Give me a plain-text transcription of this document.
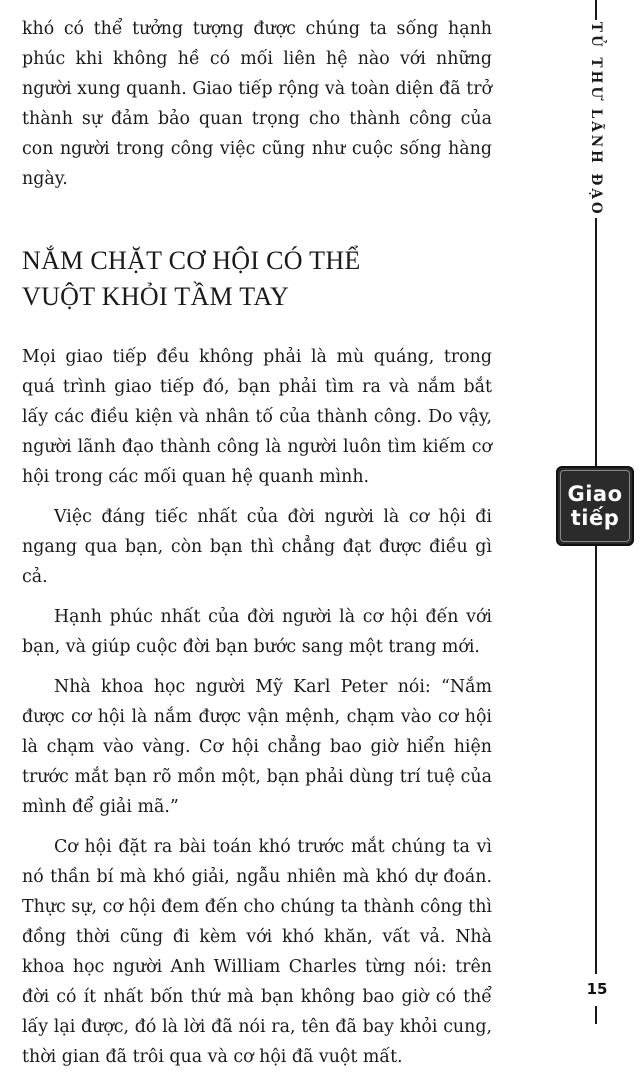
khó có thể tưởng tượng được chúng ta sống hạnh phúc khi không hề có mối liên hệ nào với những người xung quanh. Giao tiếp rộng và toàn diện đã trở thành sự đảm bảo quan trọng cho thành công của con người trong công việc cũng như cuộc sống hàng ngày.

NẮM CHẶT CƠ HỘI CÓ THỂ
VUỘT KHỎI TẦM TAY

Mọi giao tiếp đều không phải là mù quáng, trong quá trình giao tiếp đó, bạn phải tìm ra và nắm bắt lấy các điều kiện và nhân tố của thành công. Do vậy, người lãnh đạo thành công là người luôn tìm kiếm cơ hội trong các mối quan hệ quanh mình.

Việc đáng tiếc nhất của đời người là cơ hội đi ngang qua bạn, còn bạn thì chẳng đạt được điều gì cả.

Hạnh phúc nhất của đời người là cơ hội đến với bạn, và giúp cuộc đời bạn bước sang một trang mới.

Nhà khoa học người Mỹ Karl Peter nói: “Nắm được cơ hội là nắm được vận mệnh, chạm vào cơ hội là chạm vào vàng. Cơ hội chẳng bao giờ hiển hiện trước mắt bạn rõ mồn một, bạn phải dùng trí tuệ của mình để giải mã.”

Cơ hội đặt ra bài toán khó trước mắt chúng ta vì nó thần bí mà khó giải, ngẫu nhiên mà khó dự đoán. Thực sự, cơ hội đem đến cho chúng ta thành công thì đồng thời cũng đi kèm với khó khăn, vất vả. Nhà khoa học người Anh William Charles từng nói: trên đời có ít nhất bốn thứ mà bạn không bao giờ có thể lấy lại được, đó là lời đã nói ra, tên đã bay khỏi cung, thời gian đã trôi qua và cơ hội đã vuột mất.

TỦ THƯ LÃNH ĐẠO
Giao
tiếp
15
